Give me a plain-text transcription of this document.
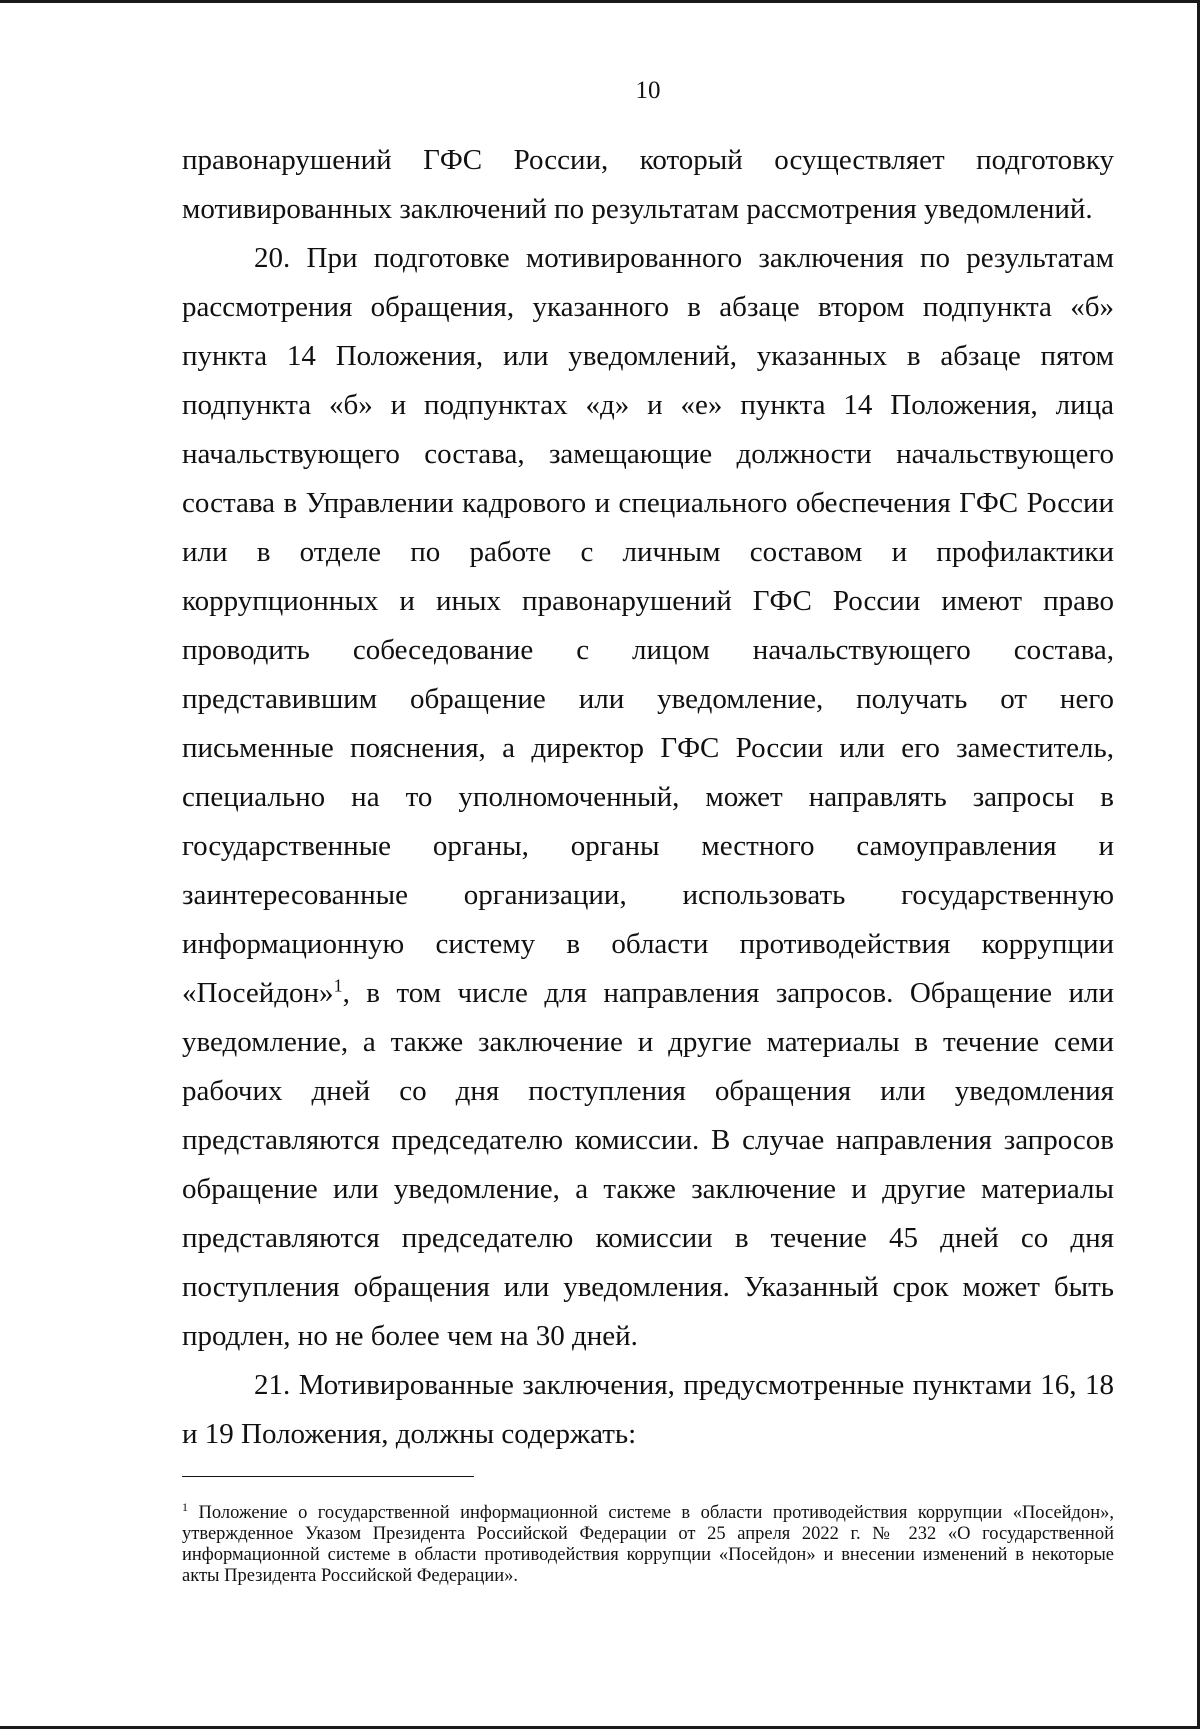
10

правонарушений ГФС России, который осуществляет подготовку мотивированных заключений по результатам рассмотрения уведомлений.

20. При подготовке мотивированного заключения по результатам рассмотрения обращения, указанного в абзаце втором подпункта «б» пункта 14 Положения, или уведомлений, указанных в абзаце пятом подпункта «б» и подпунктах «д» и «е» пункта 14 Положения, лица начальствующего состава, замещающие должности начальствующего состава в Управлении кадрового и специального обеспечения ГФС России или в отделе по работе с личным составом и профилактики коррупционных и иных правонарушений ГФС России имеют право проводить собеседование с лицом начальствующего состава, представившим обращение или уведомление, получать от него письменные пояснения, а директор ГФС России или его заместитель, специально на то уполномоченный, может направлять запросы в государственные органы, органы местного самоуправления и заинтересованные организации, использовать государственную информационную систему в области противодействия коррупции «Посейдон»$^1$, в том числе для направления запросов. Обращение или уведомление, а также заключение и другие материалы в течение семи рабочих дней со дня поступления обращения или уведомления представляются председателю комиссии. В случае направления запросов обращение или уведомление, а также заключение и другие материалы представляются председателю комиссии в течение 45 дней со дня поступления обращения или уведомления. Указанный срок может быть продлен, но не более чем на 30 дней.

21. Мотивированные заключения, предусмотренные пунктами 16, 18 и 19 Положения, должны содержать:

$^1$ Положение о государственной информационной системе в области противодействия коррупции «Посейдон», утвержденное Указом Президента Российской Федерации от 25 апреля 2022 г. № 232 «О государственной информационной системе в области противодействия коррупции «Посейдон» и внесении изменений в некоторые акты Президента Российской Федерации».
